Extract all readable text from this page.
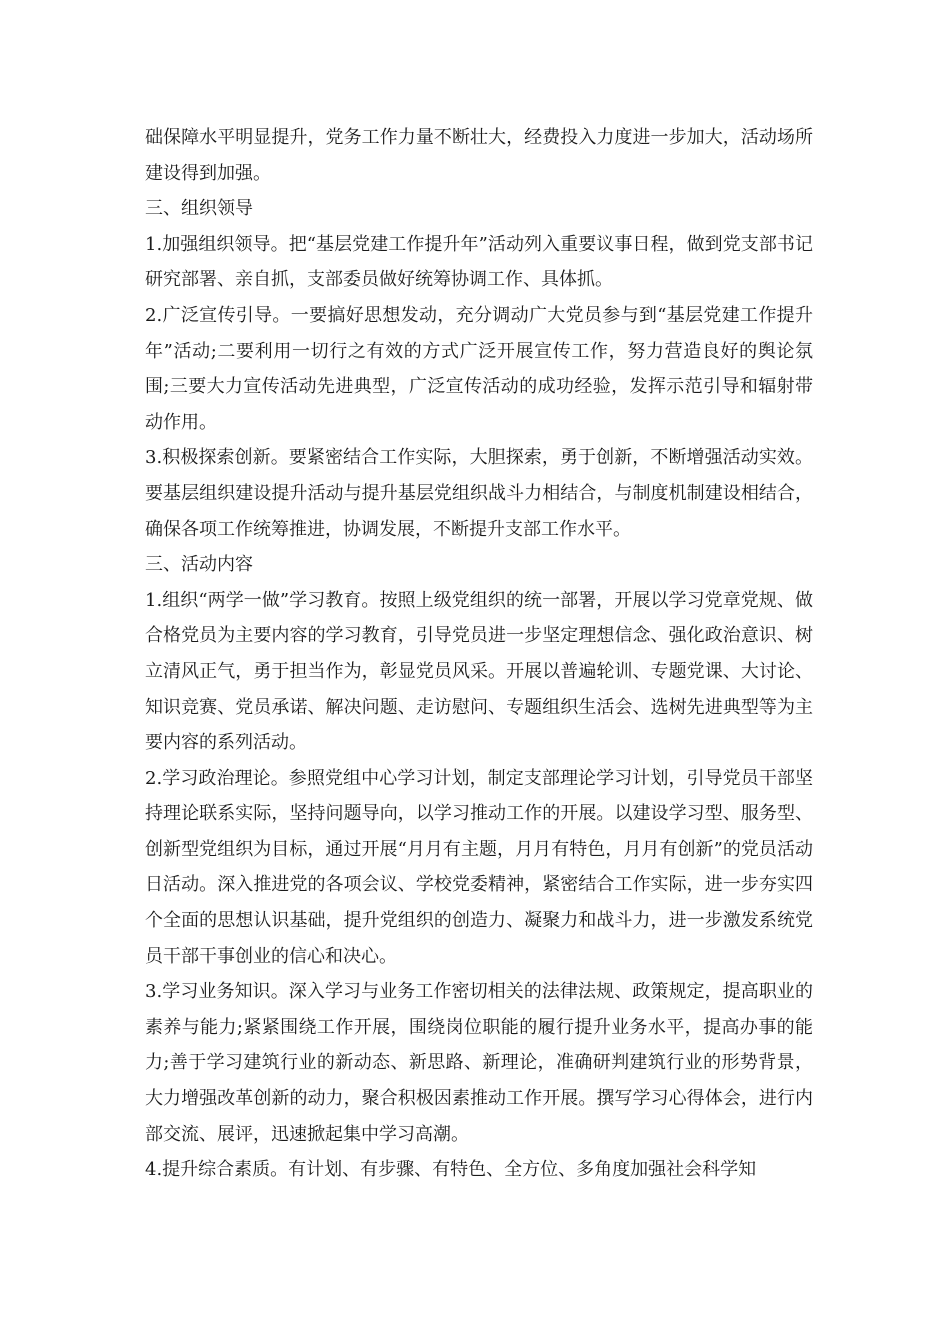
础保障水平明显提升，党务工作力量不断壮大，经费投入力度进一步加大，活动场所建设得到加强。

三、组织领导

1.加强组织领导。把“基层党建工作提升年”活动列入重要议事日程，做到党支部书记研究部署、亲自抓，支部委员做好统筹协调工作、具体抓。

2.广泛宣传引导。一要搞好思想发动，充分调动广大党员参与到“基层党建工作提升年”活动;二要利用一切行之有效的方式广泛开展宣传工作，努力营造良好的舆论氛围;三要大力宣传活动先进典型，广泛宣传活动的成功经验，发挥示范引导和辐射带动作用。

3.积极探索创新。要紧密结合工作实际，大胆探索，勇于创新，不断增强活动实效。要基层组织建设提升活动与提升基层党组织战斗力相结合，与制度机制建设相结合，确保各项工作统筹推进，协调发展，不断提升支部工作水平。

三、活动内容

1.组织“两学一做”学习教育。按照上级党组织的统一部署，开展以学习党章党规、做合格党员为主要内容的学习教育，引导党员进一步坚定理想信念、强化政治意识、树立清风正气，勇于担当作为，彰显党员风采。开展以普遍轮训、专题党课、大讨论、知识竞赛、党员承诺、解决问题、走访慰问、专题组织生活会、选树先进典型等为主要内容的系列活动。

2.学习政治理论。参照党组中心学习计划，制定支部理论学习计划，引导党员干部坚持理论联系实际，坚持问题导向，以学习推动工作的开展。以建设学习型、服务型、创新型党组织为目标，通过开展“月月有主题，月月有特色，月月有创新”的党员活动日活动。深入推进党的各项会议、学校党委精神，紧密结合工作实际，进一步夯实四个全面的思想认识基础，提升党组织的创造力、凝聚力和战斗力，进一步激发系统党员干部干事创业的信心和决心。

3.学习业务知识。深入学习与业务工作密切相关的法律法规、政策规定，提高职业的素养与能力;紧紧围绕工作开展，围绕岗位职能的履行提升业务水平，提高办事的能力;善于学习建筑行业的新动态、新思路、新理论，准确研判建筑行业的形势背景，大力增强改革创新的动力，聚合积极因素推动工作开展。撰写学习心得体会，进行内部交流、展评，迅速掀起集中学习高潮。

4.提升综合素质。有计划、有步骤、有特色、全方位、多角度加强社会科学知
